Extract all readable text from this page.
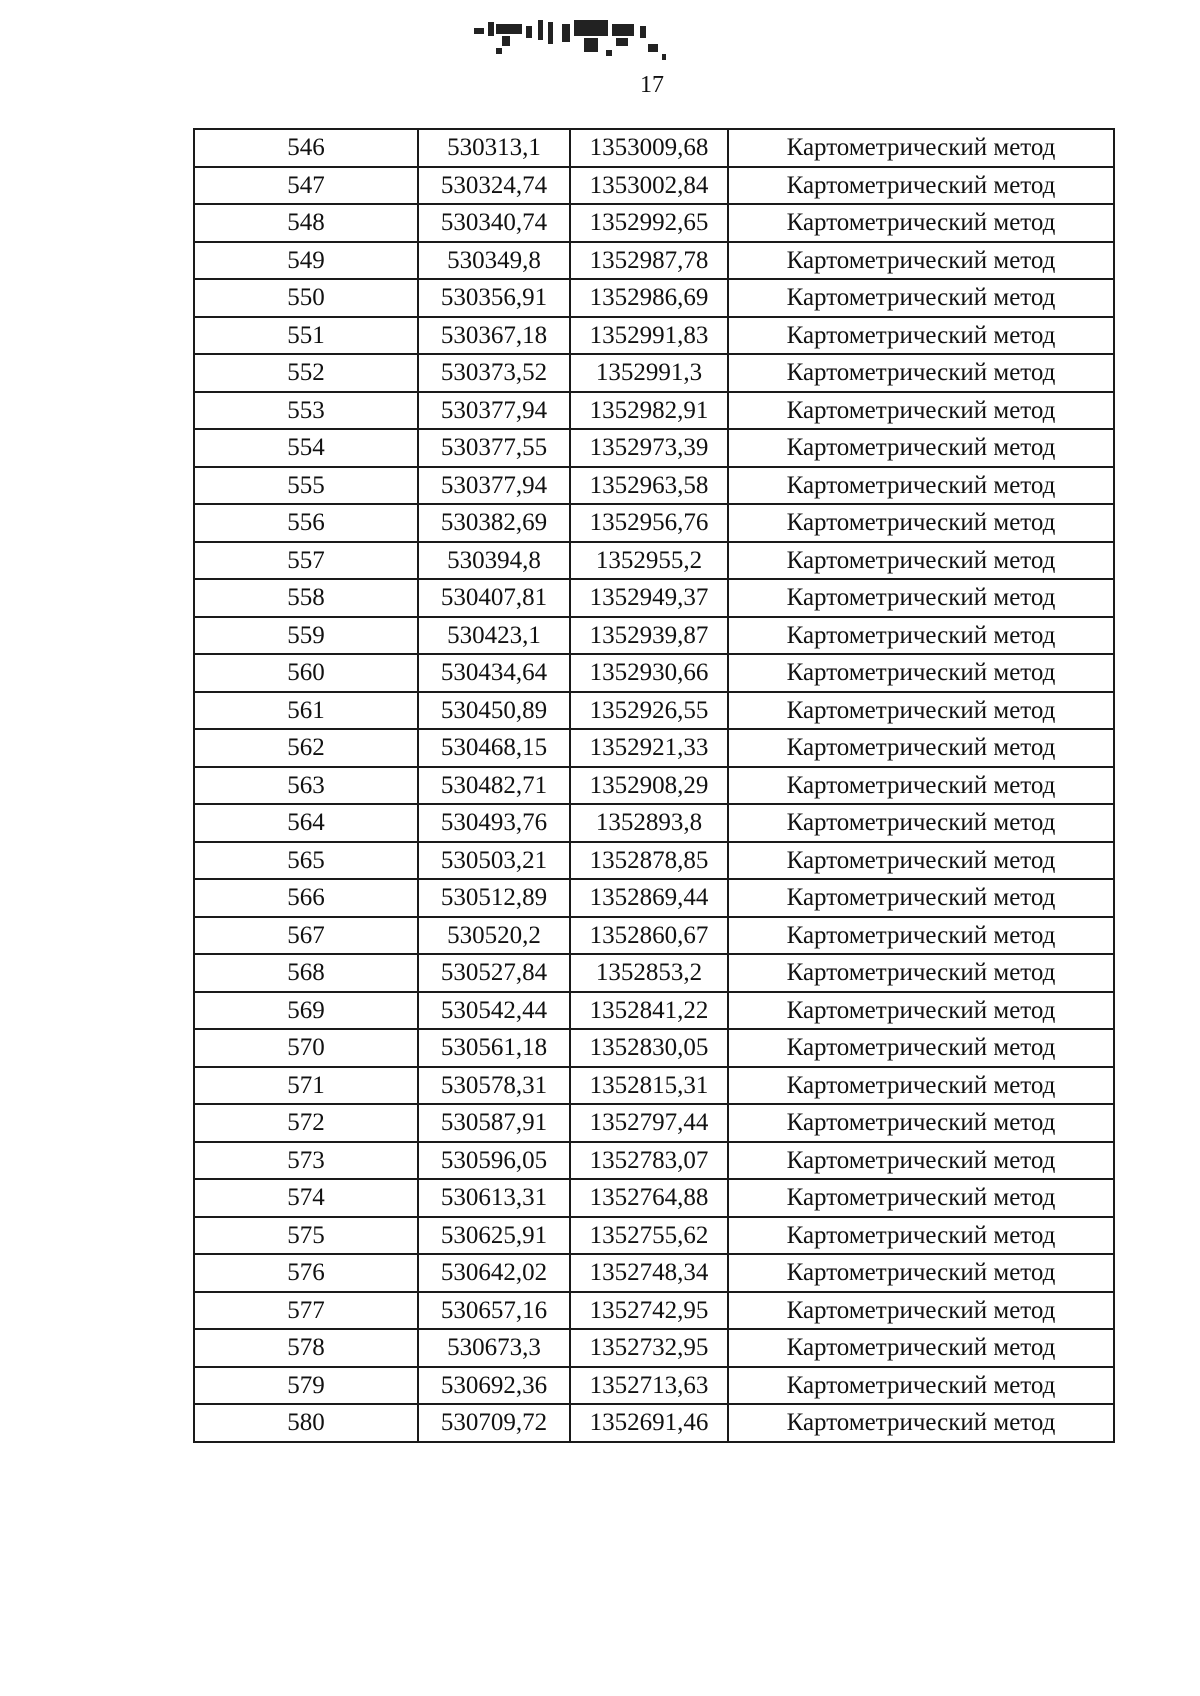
17
546	530313,1	1353009,68	Картометрический метод
547	530324,74	1353002,84	Картометрический метод
548	530340,74	1352992,65	Картометрический метод
549	530349,8	1352987,78	Картометрический метод
550	530356,91	1352986,69	Картометрический метод
551	530367,18	1352991,83	Картометрический метод
552	530373,52	1352991,3	Картометрический метод
553	530377,94	1352982,91	Картометрический метод
554	530377,55	1352973,39	Картометрический метод
555	530377,94	1352963,58	Картометрический метод
556	530382,69	1352956,76	Картометрический метод
557	530394,8	1352955,2	Картометрический метод
558	530407,81	1352949,37	Картометрический метод
559	530423,1	1352939,87	Картометрический метод
560	530434,64	1352930,66	Картометрический метод
561	530450,89	1352926,55	Картометрический метод
562	530468,15	1352921,33	Картометрический метод
563	530482,71	1352908,29	Картометрический метод
564	530493,76	1352893,8	Картометрический метод
565	530503,21	1352878,85	Картометрический метод
566	530512,89	1352869,44	Картометрический метод
567	530520,2	1352860,67	Картометрический метод
568	530527,84	1352853,2	Картометрический метод
569	530542,44	1352841,22	Картометрический метод
570	530561,18	1352830,05	Картометрический метод
571	530578,31	1352815,31	Картометрический метод
572	530587,91	1352797,44	Картометрический метод
573	530596,05	1352783,07	Картометрический метод
574	530613,31	1352764,88	Картометрический метод
575	530625,91	1352755,62	Картометрический метод
576	530642,02	1352748,34	Картометрический метод
577	530657,16	1352742,95	Картометрический метод
578	530673,3	1352732,95	Картометрический метод
579	530692,36	1352713,63	Картометрический метод
580	530709,72	1352691,46	Картометрический метод
